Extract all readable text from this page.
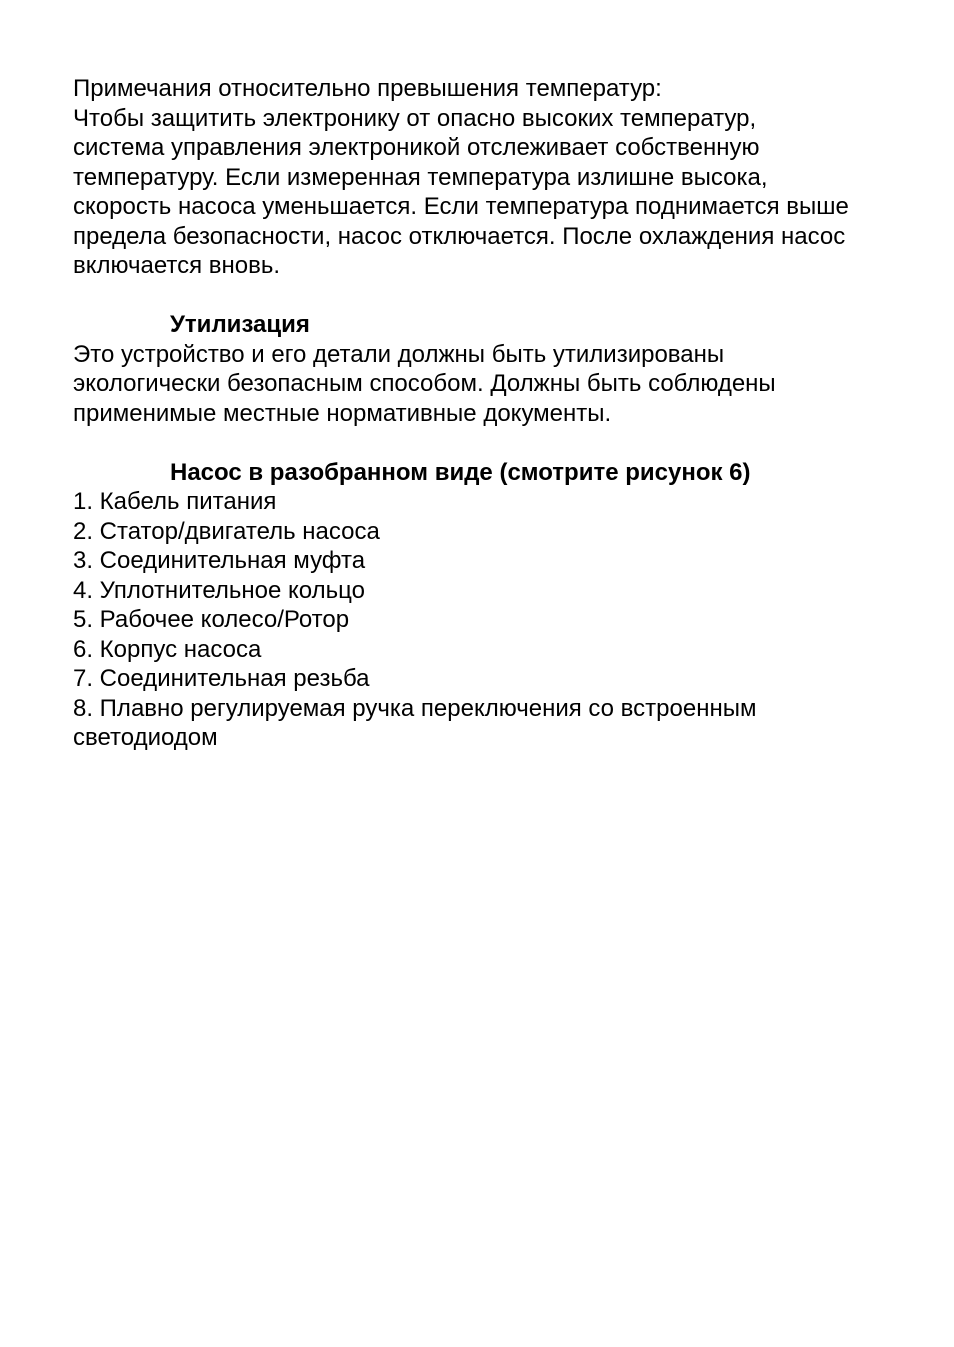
Примечания относительно превышения температур:
Чтобы защитить электронику от опасно высоких температур,
система управления электроникой отслеживает собственную
температуру. Если измеренная температура излишне высока,
скорость насоса уменьшается. Если температура поднимается выше
предела безопасности, насос отключается. После охлаждения насос
включается вновь.
Утилизация
Это устройство и его детали должны быть утилизированы
экологически безопасным способом. Должны быть соблюдены
применимые местные нормативные документы.
Насос в разобранном виде (смотрите рисунок 6)
1. Кабель питания
2. Статор/двигатель насоса
3. Соединительная муфта
4. Уплотнительное кольцо
5. Рабочее колесо/Ротор
6. Корпус насоса
7. Соединительная резьба
8. Плавно регулируемая ручка переключения со встроенным
светодиодом
